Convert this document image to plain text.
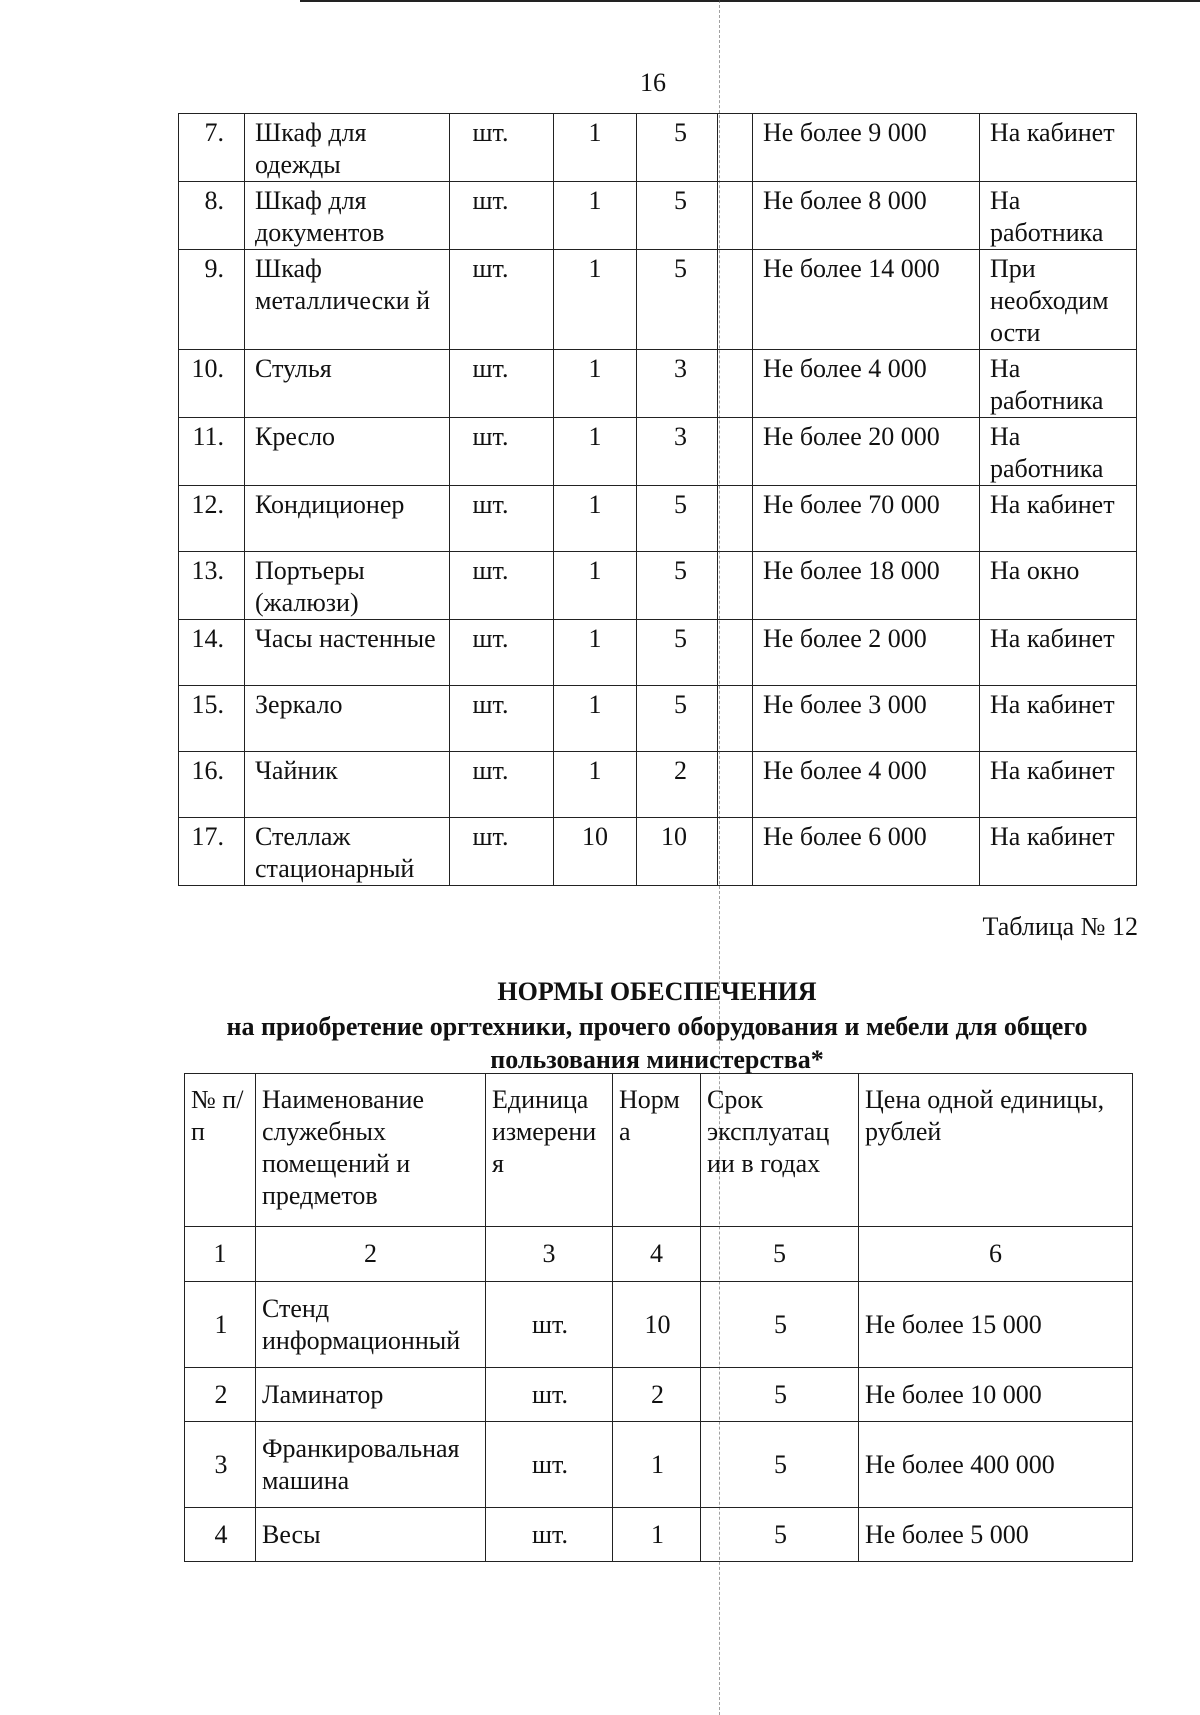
16
7.	Шкаф для одежды	шт.	1	5		Не более 9 000	На кабинет
8.	Шкаф для документов	шт.	1	5		Не более 8 000	На работника
9.	Шкаф металлически й	шт.	1	5		Не более 14 000	При необходим ости
10.	Стулья	шт.	1	3		Не более 4 000	На работника
11.	Кресло	шт.	1	3		Не более 20 000	На работника
12.	Кондиционер	шт.	1	5		Не более 70 000	На кабинет
13.	Портьеры (жалюзи)	шт.	1	5		Не более 18 000	На окно
14.	Часы настенные	шт.	1	5		Не более 2 000	На кабинет
15.	Зеркало	шт.	1	5		Не более 3 000	На кабинет
16.	Чайник	шт.	1	2		Не более 4 000	На кабинет
17.	Стеллаж стационарный	шт.	10	10		Не более 6 000	На кабинет
Таблица № 12
НОРМЫ ОБЕСПЕЧЕНИЯ
на приобретение оргтехники, прочего оборудования и мебели для общего
пользования министерства*
№ п/п	Наименование служебных помещений и предметов	Единица измерени я	Норм а	Срок эксплуатац ии в годах	Цена одной единицы, рублей
1	2	3	4	5	6
1	Стенд информационный	шт.	10	5	Не более 15 000
2	Ламинатор	шт.	2	5	Не более 10 000
3	Франкировальная машина	шт.	1	5	Не более 400 000
4	Весы	шт.	1	5	Не более 5 000
